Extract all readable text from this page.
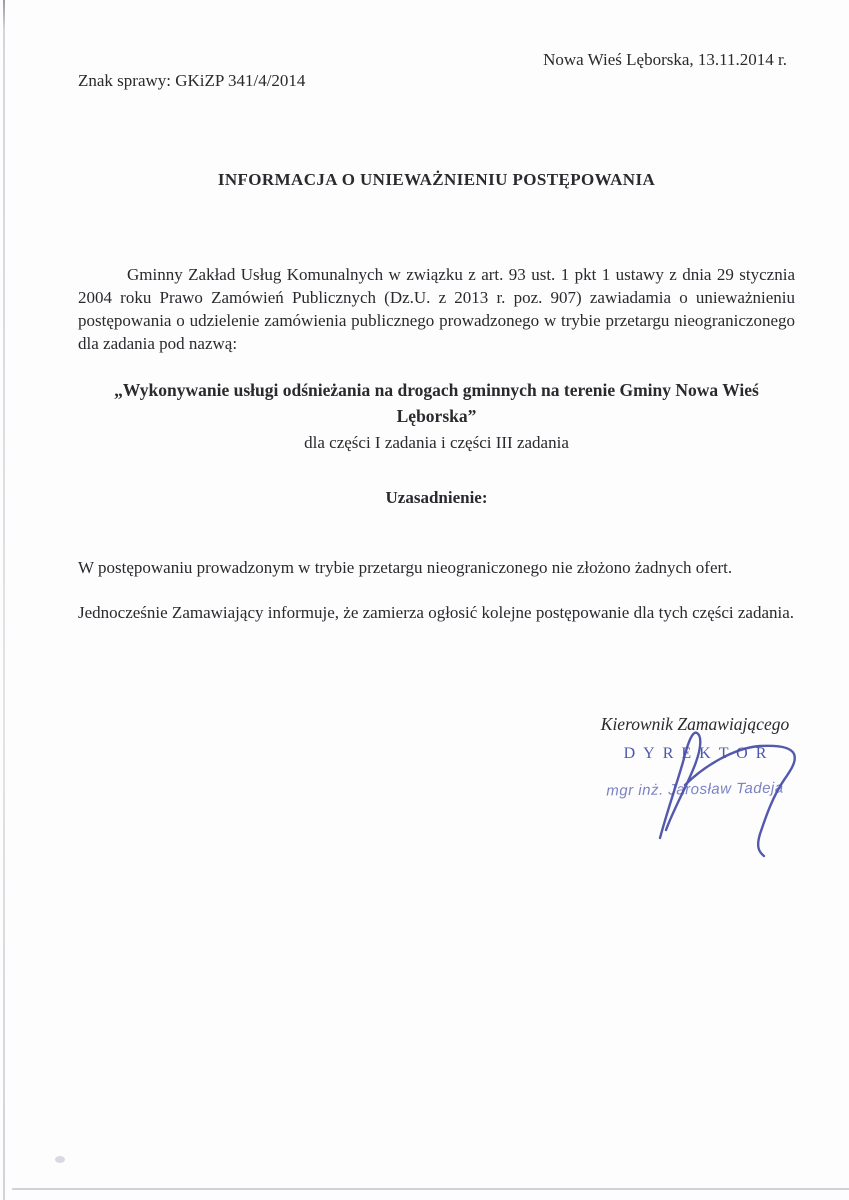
Nowa Wieś Lęborska, 13.11.2014 r.
Znak sprawy: GKiZP 341/4/2014
INFORMACJA O UNIEWAŻNIENIU POSTĘPOWANIA
Gminny Zakład Usług Komunalnych w związku z art. 93 ust. 1 pkt 1 ustawy z dnia 29 stycznia 2004 roku Prawo Zamówień Publicznych (Dz.U. z 2013 r. poz. 907) zawiadamia o unieważnieniu postępowania o udzielenie zamówienia publicznego prowadzonego w trybie przetargu nieograniczonego dla zadania pod nazwą:
„Wykonywanie usługi odśnieżania na drogach gminnych na terenie Gminy Nowa Wieś Lęborska”
dla części I zadania i części III zadania
Uzasadnienie:
W postępowaniu prowadzonym w trybie przetargu nieograniczonego nie złożono żadnych ofert.
Jednocześnie Zamawiający informuje, że zamierza ogłosić kolejne postępowanie dla tych części zadania.
Kierownik Zamawiającego
DYREKTOR
mgr inż. Jarosław Tadeja
